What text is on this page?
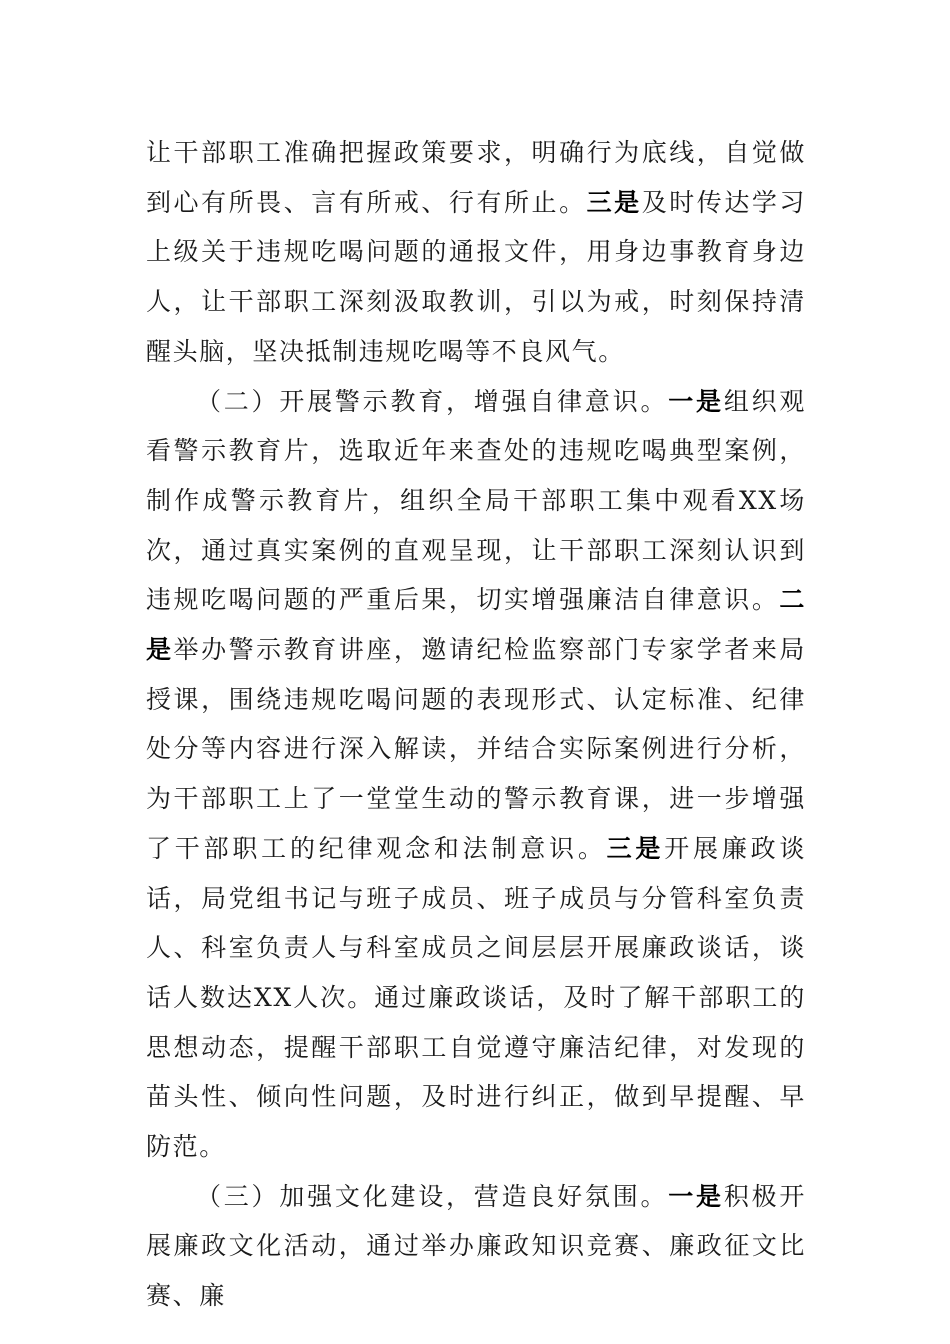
让干部职工准确把握政策要求，明确行为底线，自觉做到心有所畏、言有所戒、行有所止。三是及时传达学习上级关于违规吃喝问题的通报文件，用身边事教育身边人，让干部职工深刻汲取教训，引以为戒，时刻保持清醒头脑，坚决抵制违规吃喝等不良风气。

（二）开展警示教育，增强自律意识。一是组织观看警示教育片，选取近年来查处的违规吃喝典型案例，制作成警示教育片，组织全局干部职工集中观看XX场次，通过真实案例的直观呈现，让干部职工深刻认识到违规吃喝问题的严重后果，切实增强廉洁自律意识。二是举办警示教育讲座，邀请纪检监察部门专家学者来局授课，围绕违规吃喝问题的表现形式、认定标准、纪律处分等内容进行深入解读，并结合实际案例进行分析，为干部职工上了一堂堂生动的警示教育课，进一步增强了干部职工的纪律观念和法制意识。三是开展廉政谈话，局党组书记与班子成员、班子成员与分管科室负责人、科室负责人与科室成员之间层层开展廉政谈话，谈话人数达XX人次。通过廉政谈话，及时了解干部职工的思想动态，提醒干部职工自觉遵守廉洁纪律，对发现的苗头性、倾向性问题，及时进行纠正，做到早提醒、早防范。

（三）加强文化建设，营造良好氛围。一是积极开展廉政文化活动，通过举办廉政知识竞赛、廉政征文比赛、廉
